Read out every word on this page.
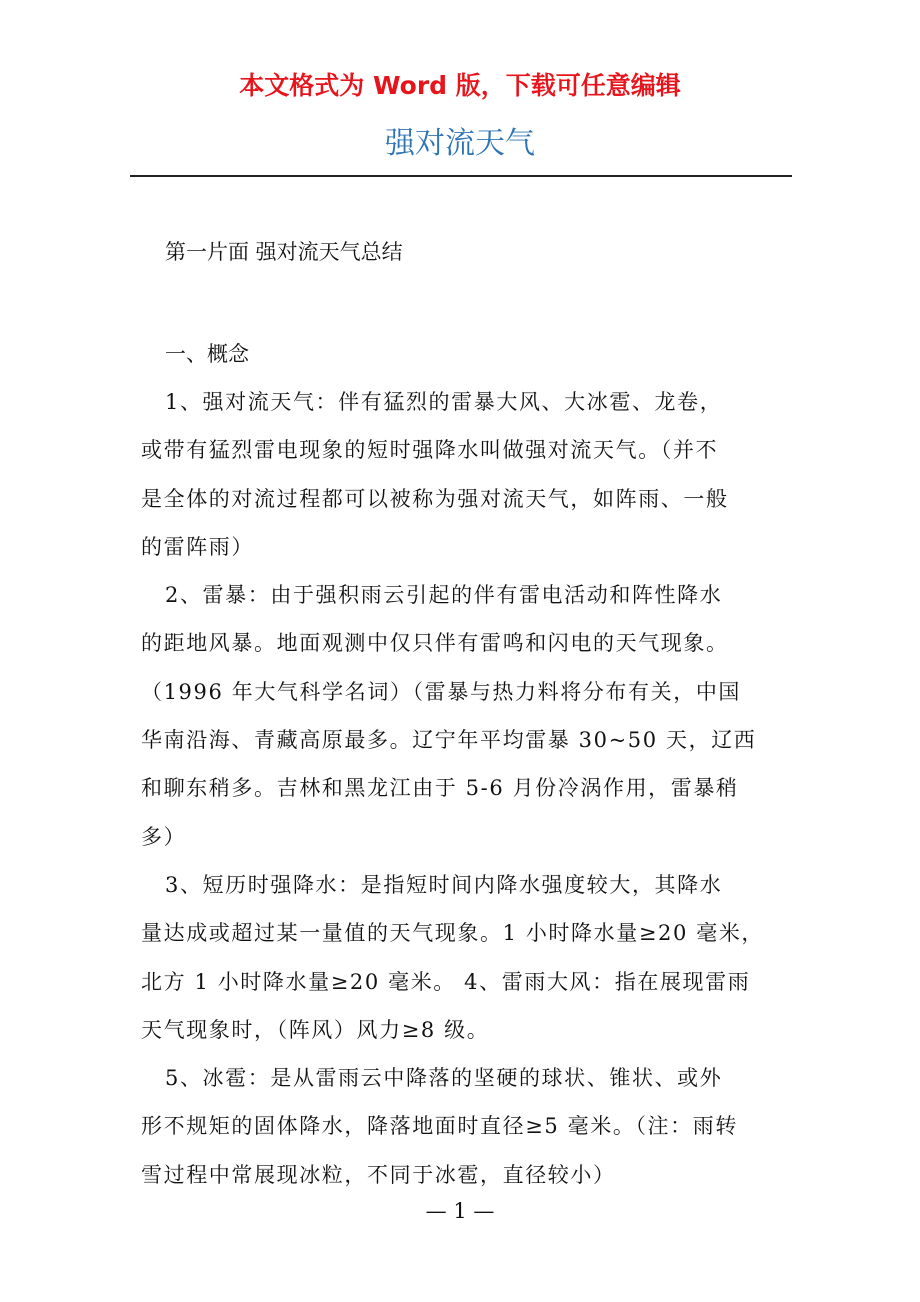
本文格式为 Word 版，下载可任意编辑
强对流天气
第一片面 强对流天气总结

一、概念

1、强对流天气：伴有猛烈的雷暴大风、大冰雹、龙卷，

或带有猛烈雷电现象的短时强降水叫做强对流天气。（并不

是全体的对流过程都可以被称为强对流天气，如阵雨、一般

的雷阵雨）

2、雷暴：由于强积雨云引起的伴有雷电活动和阵性降水

的距地风暴。地面观测中仅只伴有雷鸣和闪电的天气现象。

（1996 年大气科学名词）（雷暴与热力料将分布有关，中国

华南沿海、青藏高原最多。辽宁年平均雷暴 30~50 天，辽西

和聊东稍多。吉林和黑龙江由于 5-6 月份冷涡作用，雷暴稍

多）

3、短历时强降水：是指短时间内降水强度较大，其降水

量达成或超过某一量值的天气现象。1 小时降水量≥20 毫米，

北方 1 小时降水量≥20 毫米。 4、雷雨大风：指在展现雷雨

天气现象时，（阵风）风力≥8 级。

5、冰雹：是从雷雨云中降落的坚硬的球状、锥状、或外

形不规矩的固体降水，降落地面时直径≥5 毫米。（注：雨转

雪过程中常展现冰粒，不同于冰雹，直径较小）

— 1 —
